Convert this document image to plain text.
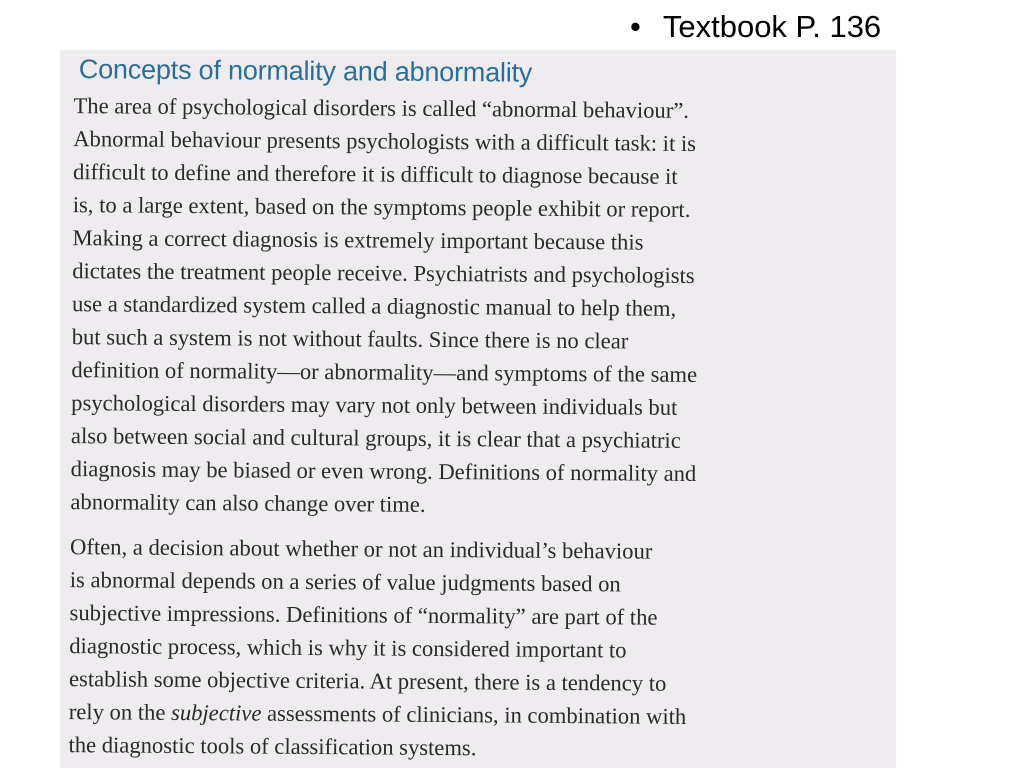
• Textbook P. 136
Concepts of normality and abnormality
The area of psychological disorders is called “abnormal behaviour”.
Abnormal behaviour presents psychologists with a difficult task: it is
difficult to define and therefore it is difficult to diagnose because it
is, to a large extent, based on the symptoms people exhibit or report.
Making a correct diagnosis is extremely important because this
dictates the treatment people receive. Psychiatrists and psychologists
use a standardized system called a diagnostic manual to help them,
but such a system is not without faults. Since there is no clear
definition of normality—or abnormality—and symptoms of the same
psychological disorders may vary not only between individuals but
also between social and cultural groups, it is clear that a psychiatric
diagnosis may be biased or even wrong. Definitions of normality and
abnormality can also change over time.
Often, a decision about whether or not an individual’s behaviour
is abnormal depends on a series of value judgments based on
subjective impressions. Definitions of “normality” are part of the
diagnostic process, which is why it is considered important to
establish some objective criteria. At present, there is a tendency to
rely on the subjective assessments of clinicians, in combination with
the diagnostic tools of classification systems.
